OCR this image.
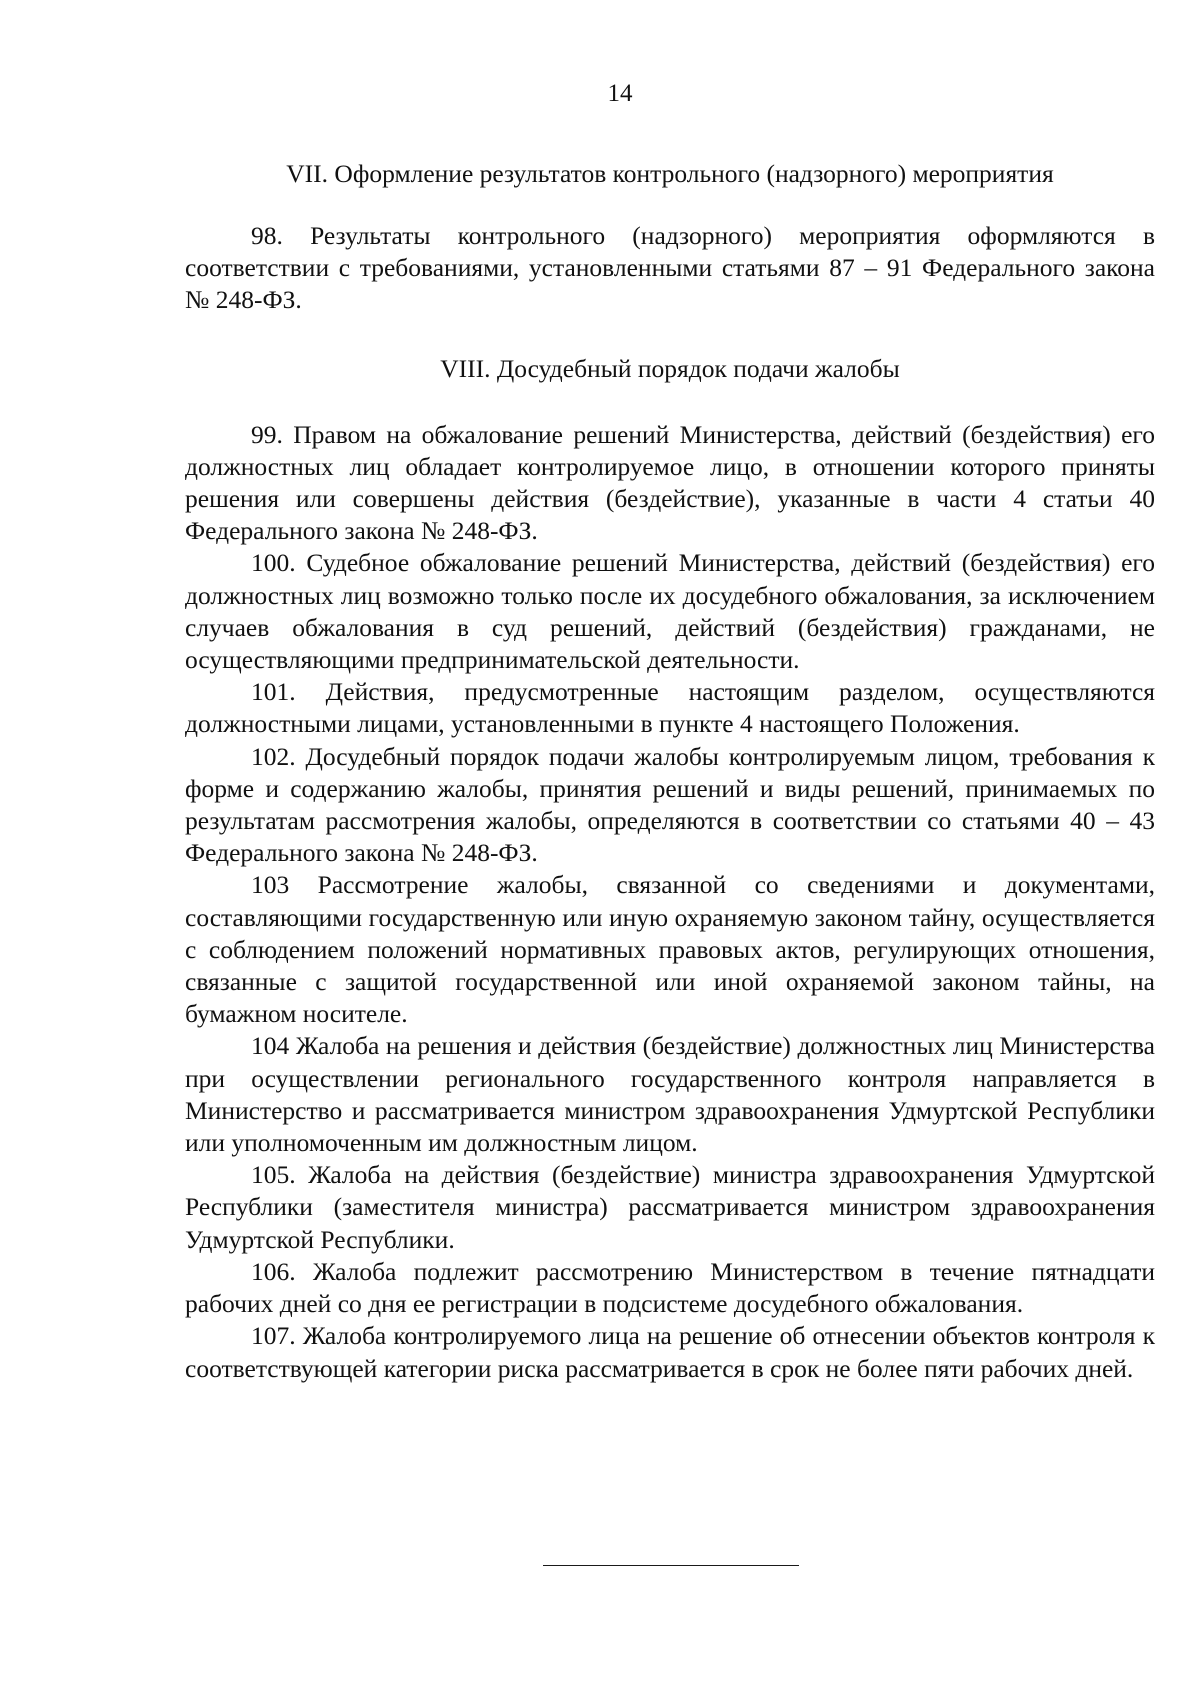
14

VII. Оформление результатов контрольного (надзорного) мероприятия

98. Результаты контрольного (надзорного) мероприятия оформляются в соответствии с требованиями, установленными статьями 87 – 91 Федерального закона № 248-ФЗ.

VIII. Досудебный порядок подачи жалобы

99. Правом на обжалование решений Министерства, действий (бездействия) его должностных лиц обладает контролируемое лицо, в отношении которого приняты решения или совершены действия (бездействие), указанные в части 4 статьи 40 Федерального закона № 248-ФЗ.

100. Судебное обжалование решений Министерства, действий (бездействия) его должностных лиц возможно только после их досудебного обжалования, за исключением случаев обжалования в суд решений, действий (бездействия) гражданами, не осуществляющими предпринимательской деятельности.

101. Действия, предусмотренные настоящим разделом, осуществляются должностными лицами, установленными в пункте 4 настоящего Положения.

102. Досудебный порядок подачи жалобы контролируемым лицом, требования к форме и содержанию жалобы, принятия решений и виды решений, принимаемых по результатам рассмотрения жалобы, определяются в соответствии со статьями 40 – 43 Федерального закона № 248-ФЗ.

103 Рассмотрение жалобы, связанной со сведениями и документами, составляющими государственную или иную охраняемую законом тайну, осуществляется с соблюдением положений нормативных правовых актов, регулирующих отношения, связанные с защитой государственной или иной охраняемой законом тайны, на бумажном носителе.

104 Жалоба на решения и действия (бездействие) должностных лиц Министерства при осуществлении регионального государственного контроля направляется в Министерство и рассматривается министром здравоохранения Удмуртской Республики или уполномоченным им должностным лицом.

105. Жалоба на действия (бездействие) министра здравоохранения Удмуртской Республики (заместителя министра) рассматривается министром здравоохранения Удмуртской Республики.

106. Жалоба подлежит рассмотрению Министерством в течение пятнадцати рабочих дней со дня ее регистрации в подсистеме досудебного обжалования.

107. Жалоба контролируемого лица на решение об отнесении объектов контроля к соответствующей категории риска рассматривается в срок не более пяти рабочих дней.
